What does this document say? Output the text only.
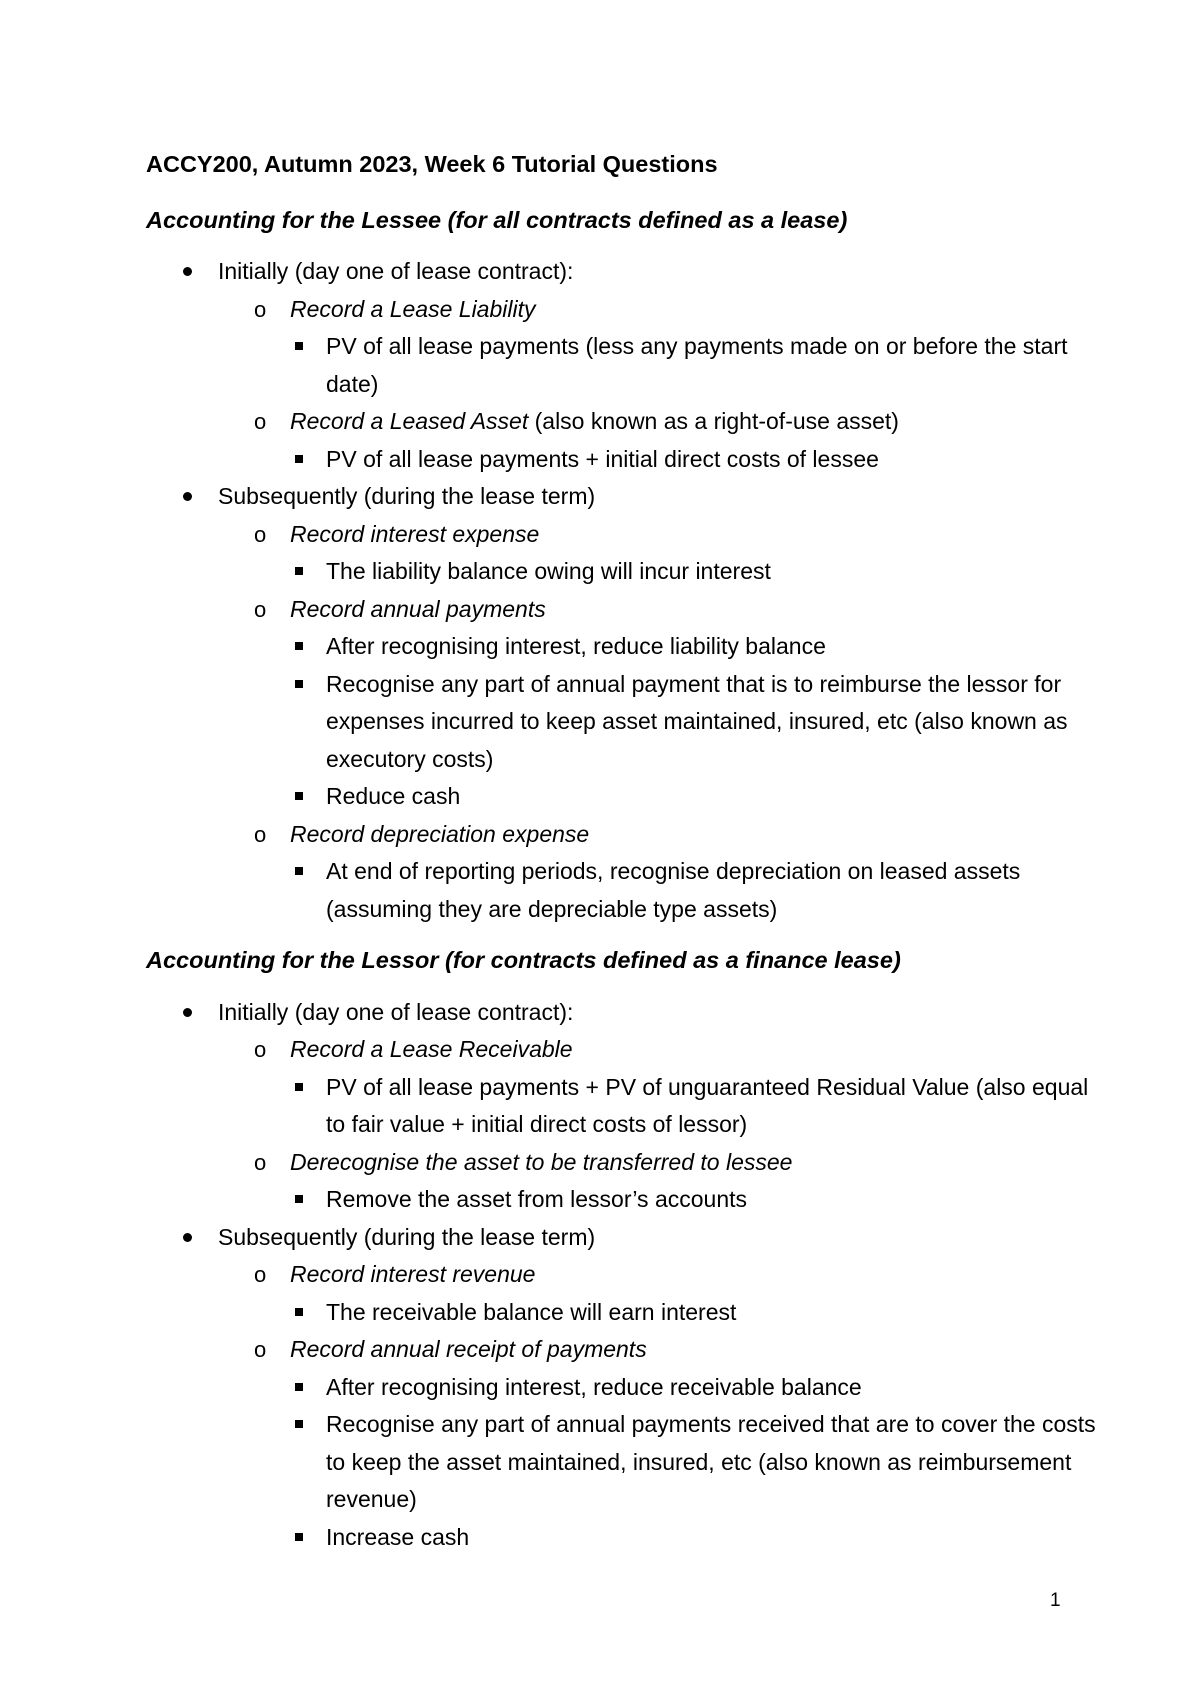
ACCY200, Autumn 2023, Week 6 Tutorial Questions
Accounting for the Lessee (for all contracts defined as a lease)
Initially (day one of lease contract):
o Record a Lease Liability
PV of all lease payments (less any payments made on or before the start date)
o Record a Leased Asset (also known as a right-of-use asset)
PV of all lease payments + initial direct costs of lessee
Subsequently (during the lease term)
o Record interest expense
The liability balance owing will incur interest
o Record annual payments
After recognising interest, reduce liability balance
Recognise any part of annual payment that is to reimburse the lessor for expenses incurred to keep asset maintained, insured, etc (also known as executory costs)
Reduce cash
o Record depreciation expense
At end of reporting periods, recognise depreciation on leased assets (assuming they are depreciable type assets)
Accounting for the Lessor (for contracts defined as a finance lease)
Initially (day one of lease contract):
o Record a Lease Receivable
PV of all lease payments + PV of unguaranteed Residual Value (also equal to fair value + initial direct costs of lessor)
o Derecognise the asset to be transferred to lessee
Remove the asset from lessor’s accounts
Subsequently (during the lease term)
o Record interest revenue
The receivable balance will earn interest
o Record annual receipt of payments
After recognising interest, reduce receivable balance
Recognise any part of annual payments received that are to cover the costs to keep the asset maintained, insured, etc (also known as reimbursement revenue)
Increase cash
1
